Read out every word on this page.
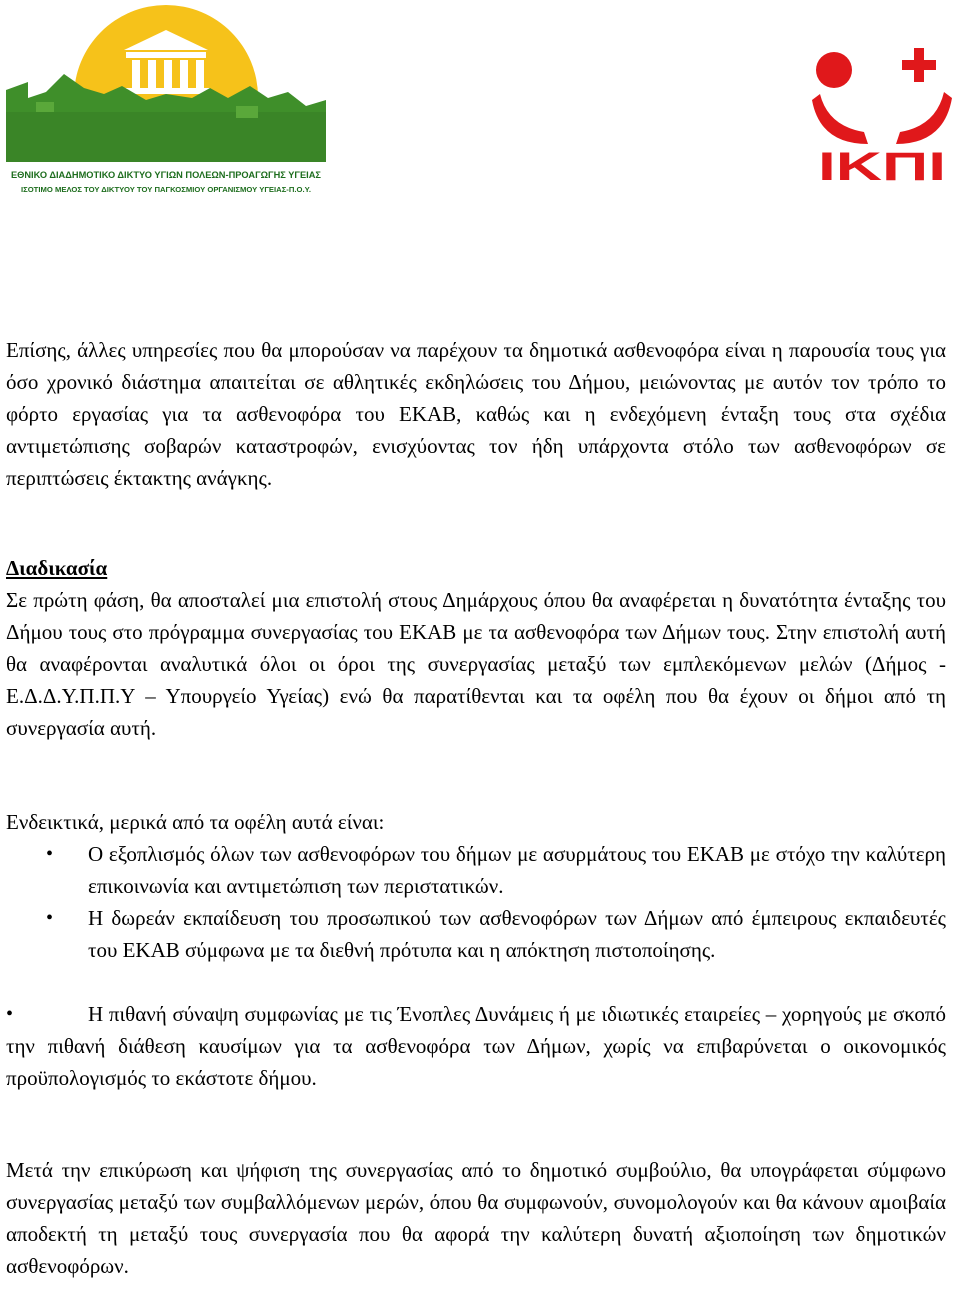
ΕΘΝΙΚΟ ΔΙΑΔΗΜΟΤΙΚΟ ΔΙΚΤΥΟ ΥΓΙΩΝ ΠΟΛΕΩΝ-ΠΡΟΑΓΩΓΗΣ ΥΓΕΙΑΣ
ΙΣΟΤΙΜΟ ΜΕΛΟΣ ΤΟΥ ΔΙΚΤΥΟΥ ΤΟΥ ΠΑΓΚΟΣΜΙΟΥ ΟΡΓΑΝΙΣΜΟΥ ΥΓΕΙΑΣ-Π.Ο.Υ.
ΙΚΠΙ

Επίσης, άλλες υπηρεσίες που θα μπορούσαν να παρέχουν τα δημοτικά ασθενοφόρα είναι η παρουσία τους για όσο χρονικό διάστημα απαιτείται σε αθλητικές εκδηλώσεις του Δήμου, μειώνοντας με αυτόν τον τρόπο το φόρτο εργασίας για τα ασθενοφόρα του ΕΚΑΒ, καθώς και η ενδεχόμενη ένταξη τους στα σχέδια αντιμετώπισης σοβαρών καταστροφών, ενισχύοντας τον ήδη υπάρχοντα στόλο των ασθενοφόρων σε περιπτώσεις έκτακτης ανάγκης.

Διαδικασία

Σε πρώτη φάση, θα αποσταλεί μια επιστολή στους Δημάρχους όπου θα αναφέρεται η δυνατότητα ένταξης του Δήμου τους στο πρόγραμμα συνεργασίας του ΕΚΑΒ με τα ασθενοφόρα των Δήμων τους. Στην επιστολή αυτή θα αναφέρονται αναλυτικά όλοι οι όροι της συνεργασίας μεταξύ των εμπλεκόμενων μελών (Δήμος - Ε.Δ.Δ.Υ.Π.Π.Υ – Υπουργείο Υγείας) ενώ θα παρατίθενται και τα οφέλη που θα έχουν οι δήμοι από τη συνεργασία αυτή.

Ενδεικτικά, μερικά από τα οφέλη αυτά είναι:

• Ο εξοπλισμός όλων των ασθενοφόρων του δήμων με ασυρμάτους του ΕΚΑΒ με στόχο την καλύτερη επικοινωνία και αντιμετώπιση των περιστατικών.
• Η δωρεάν εκπαίδευση του προσωπικού των ασθενοφόρων των Δήμων από έμπειρους εκπαιδευτές του ΕΚΑΒ σύμφωνα με τα διεθνή πρότυπα και η απόκτηση πιστοποίησης.
•	Η πιθανή σύναψη συμφωνίας με τις Ένοπλες Δυνάμεις ή με ιδιωτικές εταιρείες – χορηγούς με σκοπό την πιθανή διάθεση καυσίμων για τα ασθενοφόρα των Δήμων, χωρίς να επιβαρύνεται ο οικονομικός προϋπολογισμός το εκάστοτε δήμου.

Μετά την επικύρωση και ψήφιση της συνεργασίας από το δημοτικό συμβούλιο, θα υπογράφεται σύμφωνο συνεργασίας μεταξύ των συμβαλλόμενων μερών, όπου θα συμφωνούν, συνομολογούν και θα κάνουν αμοιβαία αποδεκτή τη μεταξύ τους συνεργασία που θα αφορά την καλύτερη δυνατή αξιοποίηση των δημοτικών ασθενοφόρων.
